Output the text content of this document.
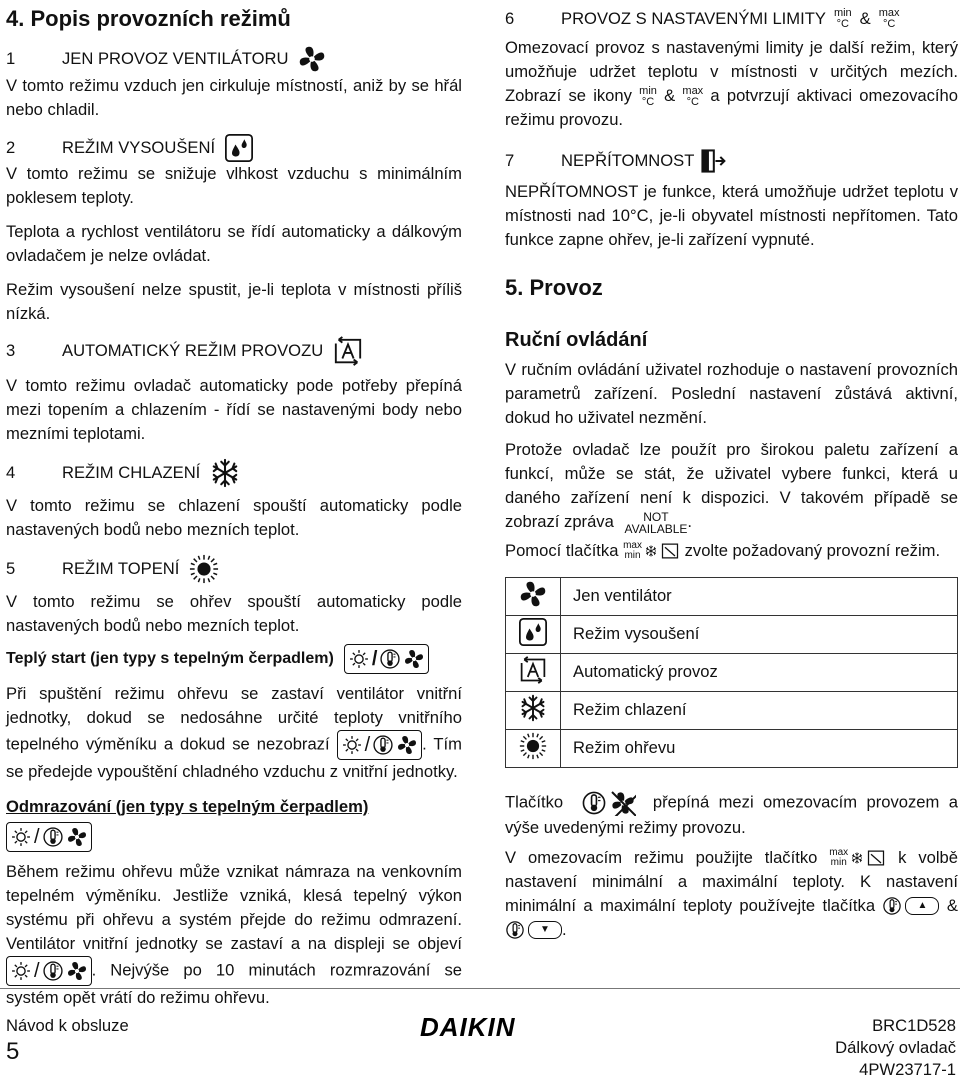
4. Popis provozních režimů
1	JEN PROVOZ VENTILÁTORU

V tomto režimu vzduch jen cirkuluje místností, aniž by se hřál nebo chladil.

2	REŽIM VYSOUŠENÍ

V tomto režimu se snižuje vlhkost vzduchu s minimálním poklesem teploty.

Teplota a rychlost ventilátoru se řídí automaticky a dálkovým ovladačem je nelze ovládat.

Režim vysoušení nelze spustit, je-li teplota v místnosti příliš nízká.

3	AUTOMATICKÝ REŽIM PROVOZU

V tomto režimu ovladač automaticky pode potřeby přepíná mezi topením a chlazením - řídí se nastavenými body nebo mezními teplotami.

4	REŽIM CHLAZENÍ

V tomto režimu se chlazení spouští automaticky podle nastavených bodů nebo mezních teplot.

5	REŽIM TOPENÍ

V tomto režimu se ohřev spouští automaticky podle nastavených bodů nebo mezních teplot.

Teplý start (jen typy s tepelným čerpadlem) /

Při spuštění režimu ohřevu se zastaví ventilátor vnitřní jednotky, dokud se nedosáhne určité teploty vnitřního tepelného výměníku a dokud se nezobrazí /	. Tím se předejde vypouštění chladného vzduchu z vnitřní jednotky.

Odmrazování (jen typy s tepelným čerpadlem)
/

Během režimu ohřevu může vznikat námraza na venkovním tepelném výměníku. Jestliže vzniká, klesá tepelný výkon systému při ohřevu a systém přejde do režimu odmrazení. Ventilátor vnitřní jednotky se zastaví a na displeji se objeví
/	. Nejvýše po 10 minutách rozmrazování se systém opět vrátí do režimu ohřevu.

6	PROVOZ S NASTAVENÝMI LIMITY min
°C & max
°C

Omezovací provoz s nastavenými limity je další režim, který umožňuje udržet teplotu v místnosti v určitých mezích. Zobrazí se ikony min
°C & max
°C a potvrzují aktivaci omezovacího režimu provozu.

7	NEPŘÍTOMNOST

NEPŘÍTOMNOST je funkce, která umožňuje udržet teplotu v místnosti nad 10°C, je-li obyvatel místnosti nepřítomen. Tato funkce zapne ohřev, je-li zařízení vypnuté.

5. Provoz
Ruční ovládání

V ručním ovládání uživatel rozhoduje o nastavení provozních parametrů zařízení. Poslední nastavení zůstává aktivní, dokud ho uživatel nezmění.

Protože ovladač lze použít pro širokou paletu zařízení a funkcí, může se stát, že uživatel vybere funkci, která u daného zařízení není k dispozici. V takovém případě se zobrazí zpráva	NOT
AVAILABLE .

Pomocí tlačítka max
min	zvolte požadovaný provozní režim.

	Jen ventilátor
	Režim vysoušení
	Automatický provoz
	Režim chlazení
	Režim ohřevu

Tlačítko	přepíná mezi omezovacím provozem a výše uvedenými režimy provozu.

V omezovacím režimu použijte tlačítko max
min	k volbě nastavení minimální a maximální teploty. K nastavení minimální a maximální teploty používejte tlačítka	▲	&
▼ .

Návod k obsluze
5
DAIKIN	BRC1D528
Dálkový ovladač
4PW23717-1
